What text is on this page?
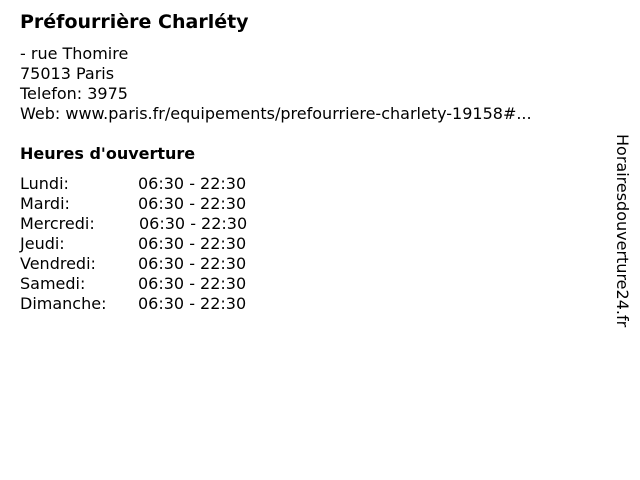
Préfourrière Charléty
- rue Thomire
75013 Paris
Telefon: 3975
Web: www.paris.fr/equipements/prefourriere-charlety-19158#...
Heures d'ouverture
Lundi:	06:30 - 22:30
Mardi:	06:30 - 22:30
Mercredi:	06:30 - 22:30
Jeudi:	06:30 - 22:30
Vendredi:	06:30 - 22:30
Samedi:	06:30 - 22:30
Dimanche: 06:30 - 22:30	Horairesdouverture24.fr
